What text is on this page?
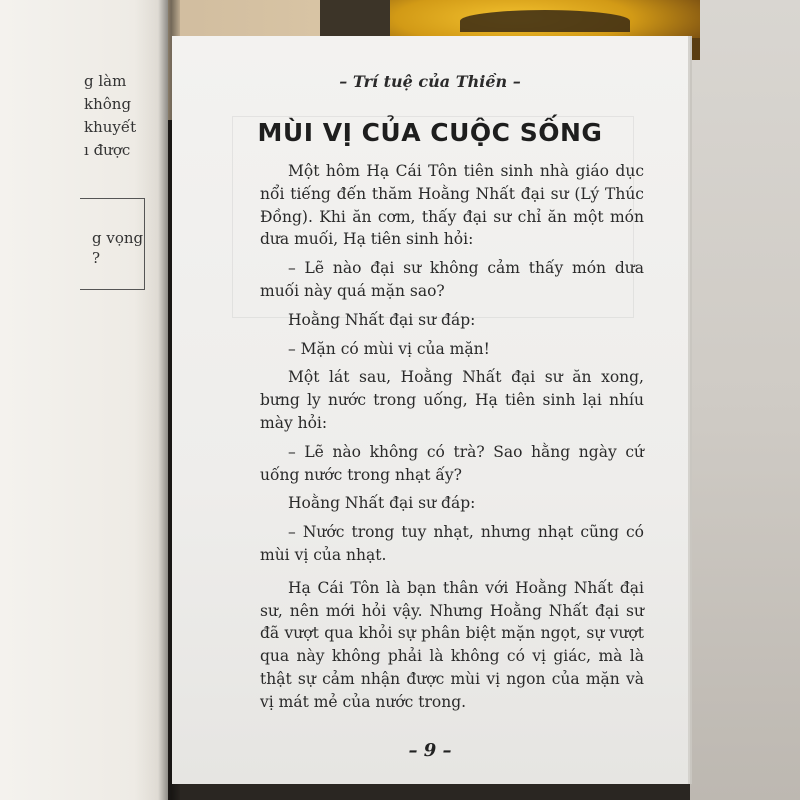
g làm
không
khuyết
ı được
g vọng
?
– Trí tuệ của Thiền –
MÙI VỊ CỦA CUỘC SỐNG

Một hôm Hạ Cái Tôn tiên sinh nhà giáo dục nổi tiếng đến thăm Hoằng Nhất đại sư (Lý Thúc Đồng). Khi ăn cơm, thấy đại sư chỉ ăn một món dưa muối, Hạ tiên sinh hỏi:

– Lẽ nào đại sư không cảm thấy món dưa muối này quá mặn sao?

Hoằng Nhất đại sư đáp:

– Mặn có mùi vị của mặn!

Một lát sau, Hoằng Nhất đại sư ăn xong, bưng ly nước trong uống, Hạ tiên sinh lại nhíu mày hỏi:

– Lẽ nào không có trà? Sao hằng ngày cứ uống nước trong nhạt ấy?

Hoằng Nhất đại sư đáp:

– Nước trong tuy nhạt, nhưng nhạt cũng có mùi vị của nhạt.

Hạ Cái Tôn là bạn thân với Hoằng Nhất đại sư, nên mới hỏi vậy. Nhưng Hoằng Nhất đại sư đã vượt qua khỏi sự phân biệt mặn ngọt, sự vượt qua này không phải là không có vị giác, mà là thật sự cảm nhận được mùi vị ngon của mặn và vị mát mẻ của nước trong.

– 9 –
